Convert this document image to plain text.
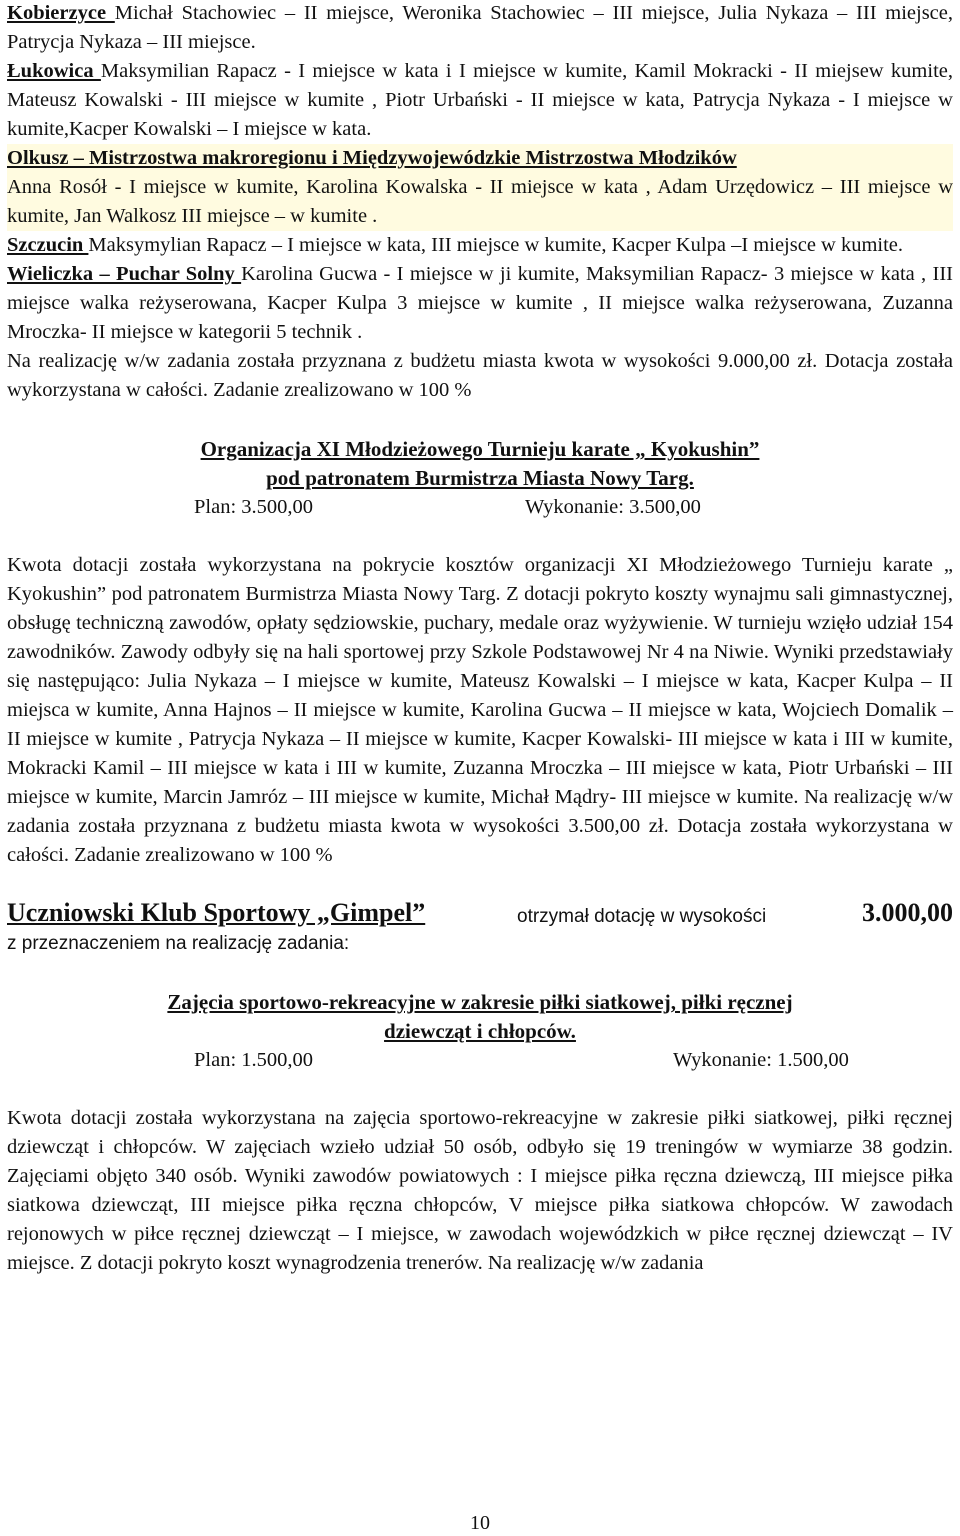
Kobierzyce Michał Stachowiec – II miejsce, Weronika Stachowiec – III miejsce, Julia Nykaza – III miejsce, Patrycja Nykaza – III miejsce.

Łukowica Maksymilian Rapacz - I miejsce w kata i I miejsce w kumite, Kamil Mokracki - II miejsew kumite, Mateusz Kowalski - III miejsce w kumite , Piotr Urbański - II miejsce w kata, Patrycja Nykaza - I miejsce w kumite,Kacper Kowalski – I miejsce w kata.

Olkusz – Mistrzostwa makroregionu i Międzywojewódzkie Mistrzostwa Młodzików
Anna Rosół - I miejsce w kumite, Karolina Kowalska - II miejsce w kata , Adam Urzędowicz – III miejsce w kumite, Jan Walkosz III miejsce – w kumite .

Szczucin Maksymylian Rapacz – I miejsce w kata, III miejsce w kumite, Kacper Kulpa –I miejsce w kumite.

Wieliczka – Puchar Solny Karolina Gucwa - I miejsce w ji kumite, Maksymilian Rapacz- 3 miejsce w kata , III miejsce walka reżyserowana, Kacper Kulpa 3 miejsce w kumite , II miejsce walka reżyserowana, Zuzanna Mroczka- II miejsce w kategorii 5 technik .

Na realizację w/w zadania została przyznana z budżetu miasta kwota w wysokości 9.000,00 zł. Dotacja została wykorzystana w całości. Zadanie zrealizowano w 100 %

Organizacja XI Młodzieżowego Turnieju karate „ Kyokushin”

pod patronatem Burmistrza Miasta Nowy Targ.

Plan: 3.500,00	Wykonanie: 3.500,00

Kwota dotacji została wykorzystana na pokrycie kosztów organizacji XI Młodzieżowego Turnieju karate „ Kyokushin” pod patronatem Burmistrza Miasta Nowy Targ. Z dotacji pokryto koszty wynajmu sali gimnastycznej, obsługę techniczną zawodów, opłaty sędziowskie, puchary, medale oraz wyżywienie. W turnieju wzięło udział 154 zawodników. Zawody odbyły się na hali sportowej przy Szkole Podstawowej Nr 4 na Niwie. Wyniki przedstawiały się następująco: Julia Nykaza – I miejsce w kumite, Mateusz Kowalski – I miejsce w kata, Kacper Kulpa – II miejsca w kumite, Anna Hajnos – II miejsce w kumite, Karolina Gucwa – II miejsce w kata, Wojciech Domalik – II miejsce w kumite , Patrycja Nykaza – II miejsce w kumite, Kacper Kowalski- III miejsce w kata i III w kumite, Mokracki Kamil – III miejsce w kata i III w kumite, Zuzanna Mroczka – III miejsce w kata, Piotr Urbański – III miejsce w kumite, Marcin Jamróz – III miejsce w kumite, Michał Mądry- III miejsce w kumite. Na realizację w/w zadania została przyznana z budżetu miasta kwota w wysokości 3.500,00 zł. Dotacja została wykorzystana w całości. Zadanie zrealizowano w 100 %

Uczniowski Klub Sportowy „Gimpel”	otrzymał dotację w wysokości	3.000,00

z przeznaczeniem na realizację zadania:

Zajęcia sportowo-rekreacyjne w zakresie piłki siatkowej, piłki ręcznej

dziewcząt i chłopców.

Plan: 1.500,00	Wykonanie: 1.500,00

Kwota dotacji została wykorzystana na zajęcia sportowo-rekreacyjne w zakresie piłki siatkowej, piłki ręcznej dziewcząt i chłopców. W zajęciach wzieło udział 50 osób, odbyło się 19 treningów w wymiarze 38 godzin. Zajęciami objęto 340 osób. Wyniki zawodów powiatowych : I miejsce piłka ręczna dziewczą, III miejsce piłka siatkowa dziewcząt, III miejsce piłka ręczna chłopców, V miejsce piłka siatkowa chłopców. W zawodach rejonowych w piłce ręcznej dziewcząt – I miejsce, w zawodach wojewódzkich w piłce ręcznej dziewcząt – IV miejsce. Z dotacji pokryto koszt wynagrodzenia trenerów. Na realizację w/w zadania

10
